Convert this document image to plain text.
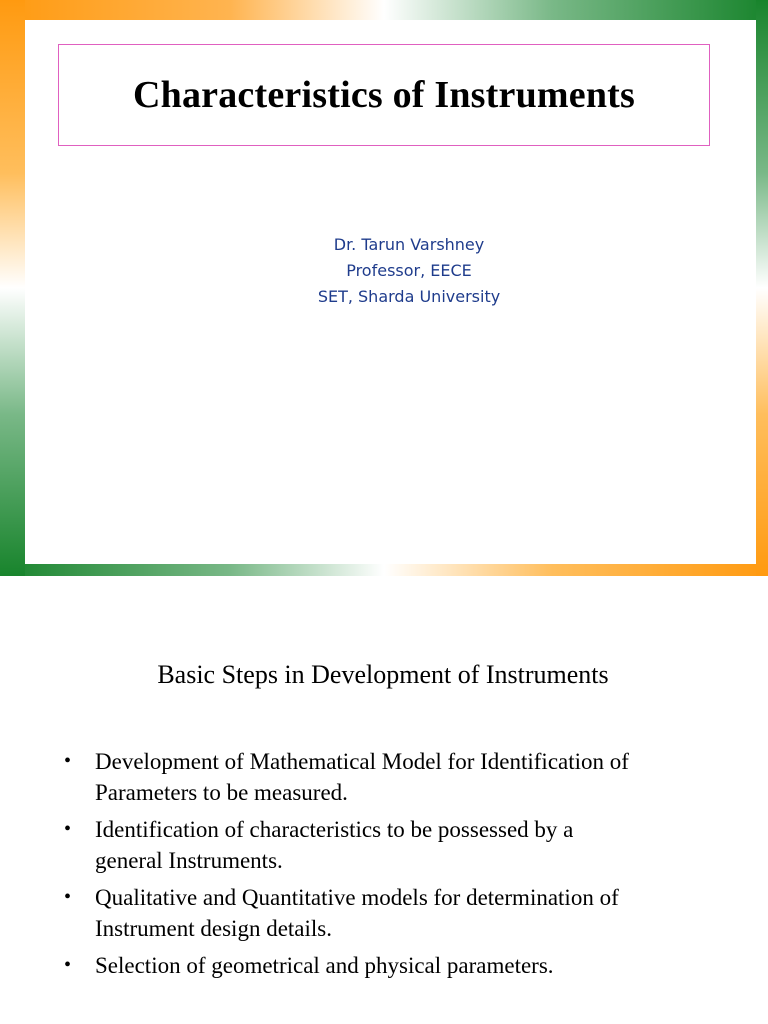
Characteristics of Instruments
Dr. Tarun Varshney
Professor, EECE
SET, Sharda University
Basic Steps in Development of Instruments
• Development of Mathematical Model for Identification of
Parameters to be measured.
• Identification of characteristics to be possessed by a
general Instruments.
• Qualitative and Quantitative models for determination of
Instrument design details.
• Selection of geometrical and physical parameters.
